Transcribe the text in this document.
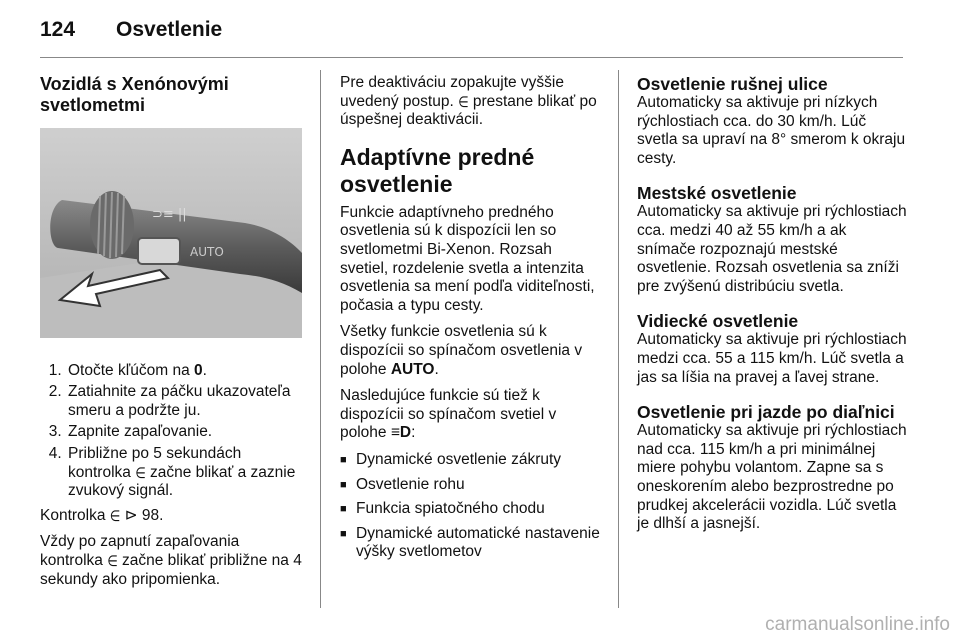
124 Osvetlenie
Vozidlá s Xenónovými svetlometmi
⊃≡ ||
AUTO
1. Otočte kľúčom na 0.
2. Zatiahnite za páčku ukazovateľa smeru a podržte ju.
3. Zapnite zapaľovanie.
4. Približne po 5 sekundách kontrolka ∈ začne blikať a zaznie zvukový signál.

Kontrolka ∈ ⊳ 98.

Vždy po zapnutí zapaľovania kontrolka ∈ začne blikať približne na 4 sekundy ako pripomienka.

Pre deaktiváciu zopakujte vyššie uvedený postup. ∈ prestane blikať po úspešnej deaktivácii.

Adaptívne predné osvetlenie

Funkcie adaptívneho predného osvetlenia sú k dispozícii len so svetlometmi Bi-Xenon. Rozsah svetiel, rozdelenie svetla a intenzita osvetlenia sa mení podľa viditeľnosti, počasia a typu cesty.

Všetky funkcie osvetlenia sú k dispozícii so spínačom osvetlenia v polohe AUTO.

Nasledujúce funkcie sú tiež k dispozícii so spínačom svetiel v polohe ≡D:

■ Dynamické osvetlenie zákruty
■ Osvetlenie rohu
■ Funkcia spiatočného chodu
■ Dynamické automatické nastavenie výšky svetlometov
Osvetlenie rušnej ulice
Automaticky sa aktivuje pri nízkych rýchlostiach cca. do 30 km/h. Lúč svetla sa upraví na 8° smerom k okraju cesty.
Mestské osvetlenie
Automaticky sa aktivuje pri rýchlostiach cca. medzi 40 až 55 km/h a ak snímače rozpoznajú mestské osvetlenie. Rozsah osvetlenia sa zníži pre zvýšenú distribúciu svetla.
Vidiecké osvetlenie
Automaticky sa aktivuje pri rýchlostiach medzi cca. 55 a 115 km/h. Lúč svetla a jas sa líšia na pravej a ľavej strane.
Osvetlenie pri jazde po diaľnici
Automaticky sa aktivuje pri rýchlostiach nad cca. 115 km/h a pri minimálnej miere pohybu volantom. Zapne sa s oneskorením alebo bezprostredne po prudkej akcelerácii vozidla. Lúč svetla je dlhší a jasnejší.
carmanualsonline.info
